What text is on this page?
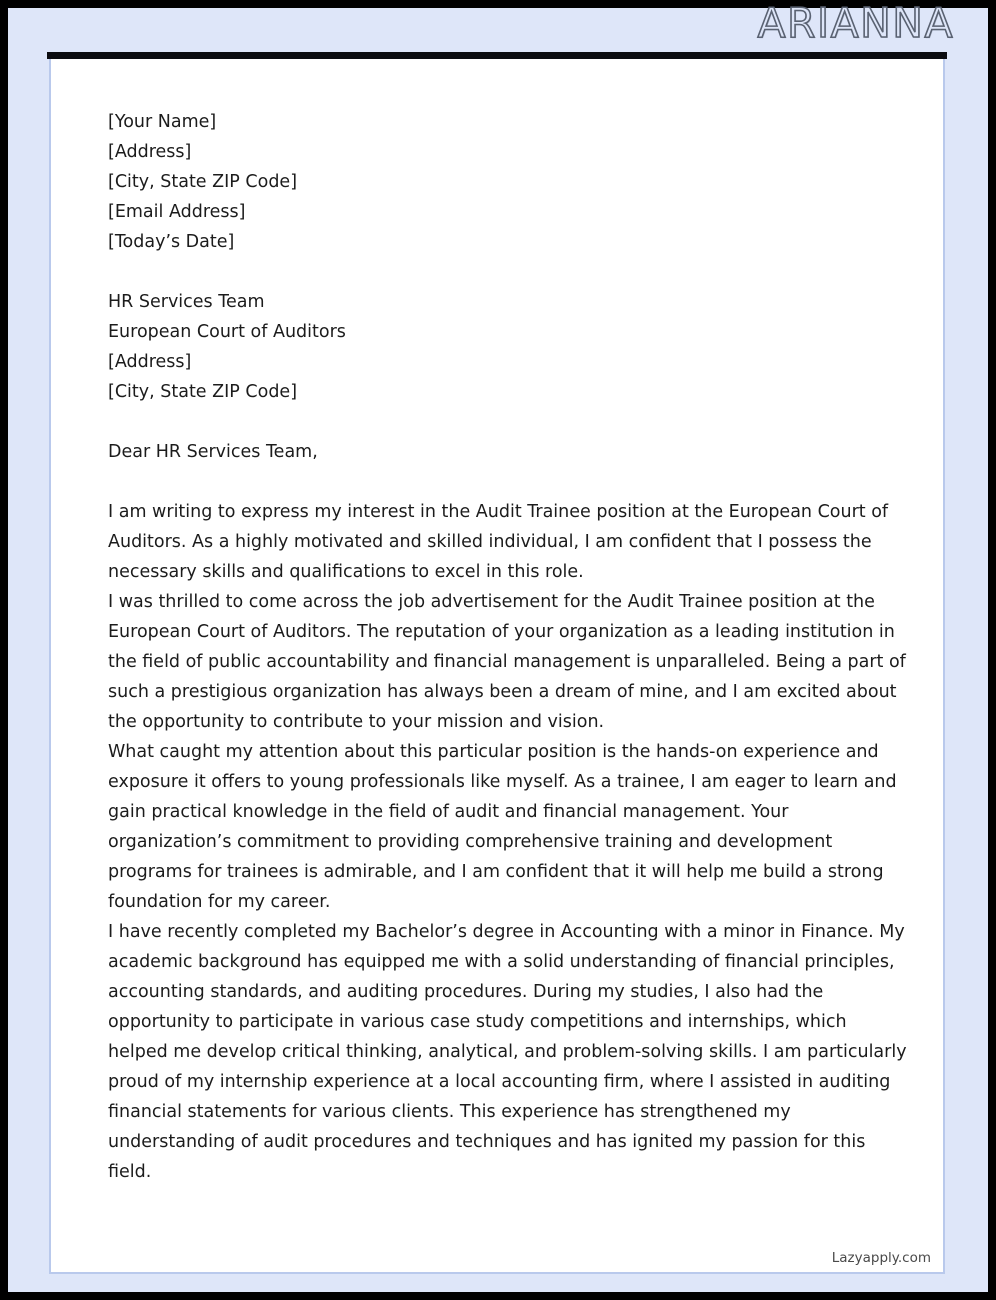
ARIANNA
[Your Name]
[Address]
[City, State ZIP Code]
[Email Address]
[Today’s Date]
HR Services Team
European Court of Auditors
[Address]
[City, State ZIP Code]
Dear HR Services Team,

I am writing to express my interest in the Audit Trainee position at the European Court of Auditors. As a highly motivated and skilled individual, I am confident that I possess the necessary skills and qualifications to excel in this role.

I was thrilled to come across the job advertisement for the Audit Trainee position at the European Court of Auditors. The reputation of your organization as a leading institution in the field of public accountability and financial management is unparalleled. Being a part of such a prestigious organization has always been a dream of mine, and I am excited about the opportunity to contribute to your mission and vision.

What caught my attention about this particular position is the hands-on experience and exposure it offers to young professionals like myself. As a trainee, I am eager to learn and gain practical knowledge in the field of audit and financial management. Your organization’s commitment to providing comprehensive training and development programs for trainees is admirable, and I am confident that it will help me build a strong foundation for my career.

I have recently completed my Bachelor’s degree in Accounting with a minor in Finance. My academic background has equipped me with a solid understanding of financial principles, accounting standards, and auditing procedures. During my studies, I also had the opportunity to participate in various case study competitions and internships, which helped me develop critical thinking, analytical, and problem-solving skills. I am particularly proud of my internship experience at a local accounting firm, where I assisted in auditing financial statements for various clients. This experience has strengthened my understanding of audit procedures and techniques and has ignited my passion for this field.

Lazyapply.com
